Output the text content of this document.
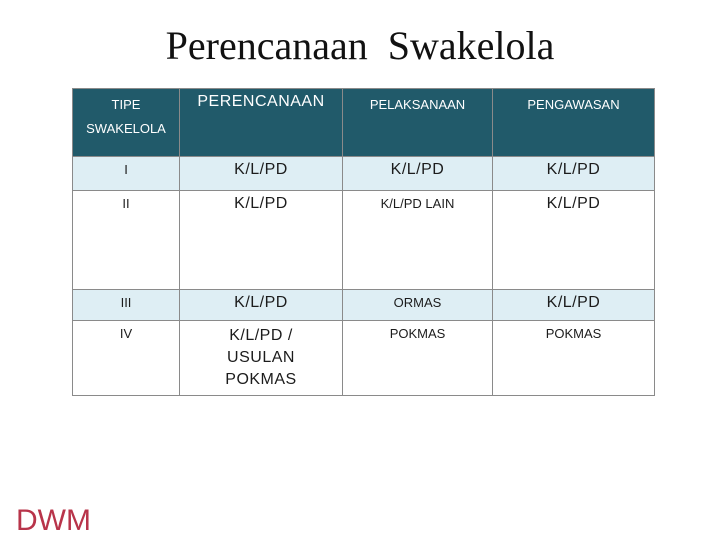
Perencanaan  Swakelola
TIPE SWAKELOLA	PERENCANAAN	PELAKSANAAN	PENGAWASAN
I	K/L/PD	K/L/PD	K/L/PD
II	K/L/PD	K/L/PD LAIN	K/L/PD
III	K/L/PD	ORMAS	K/L/PD
IV	K/L/PD / USULAN POKMAS	POKMAS	POKMAS
DWM
